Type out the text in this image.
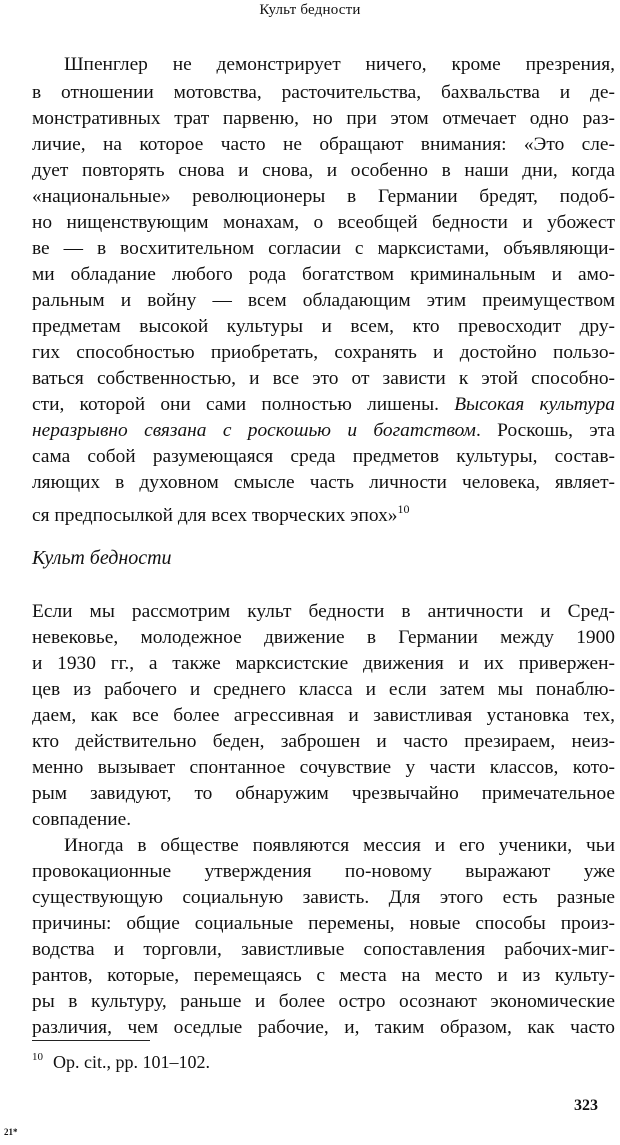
Культ бедности
Шпенглер не демонстрирует ничего, кроме презрения,
в отношении мотовства, расточительства, бахвальства и де-
монстративных трат парвеню, но при этом отмечает одно раз-
личие, на которое часто не обращают внимания: «Это сле-
дует повторять снова и снова, и особенно в наши дни, когда
«национальные» революционеры в Германии бредят, подоб-
но нищенствующим монахам, о всеобщей бедности и убожест
ве — в восхитительном согласии с марксистами, объявляющи-
ми обладание любого рода богатством криминальным и амо-
ральным и войну — всем обладающим этим преимуществом
предметам высокой культуры и всем, кто превосходит дру-
гих способностью приобретать, сохранять и достойно пользо-
ваться собственностью, и все это от зависти к этой способно-
сти, которой они сами полностью лишены. Высокая культура
неразрывно связана с роскошью и богатством. Роскошь, эта
сама собой разумеющаяся среда предметов культуры, состав-
ляющих в духовном смысле часть личности человека, являет-
ся предпосылкой для всех творческих эпох»$^{10}$
Культ бедности
Если мы рассмотрим культ бедности в античности и Сред-
невековье, молодежное движение в Германии между 1900
и 1930 гг., а также марксистские движения и их привержен-
цев из рабочего и среднего класса и если затем мы понаблю-
даем, как все более агрессивная и завистливая установка тех,
кто действительно беден, заброшен и часто презираем, неиз-
менно вызывает спонтанное сочувствие у части классов, кото-
рым завидуют, то обнаружим чрезвычайно примечательное
совпадение.
Иногда в обществе появляются мессия и его ученики, чьи
провокационные утверждения по-новому выражают уже
существующую социальную зависть. Для этого есть разные
причины: общие социальные перемены, новые способы произ-
водства и торговли, завистливые сопоставления рабочих-миг-
рантов, которые, перемещаясь с места на место и из культу-
ры в культуру, раньше и более остро осознают экономические
различия, чем оседлые рабочие, и, таким образом, как часто
$^{10}$ Op. cit., pp. 101–102.
323
21*
